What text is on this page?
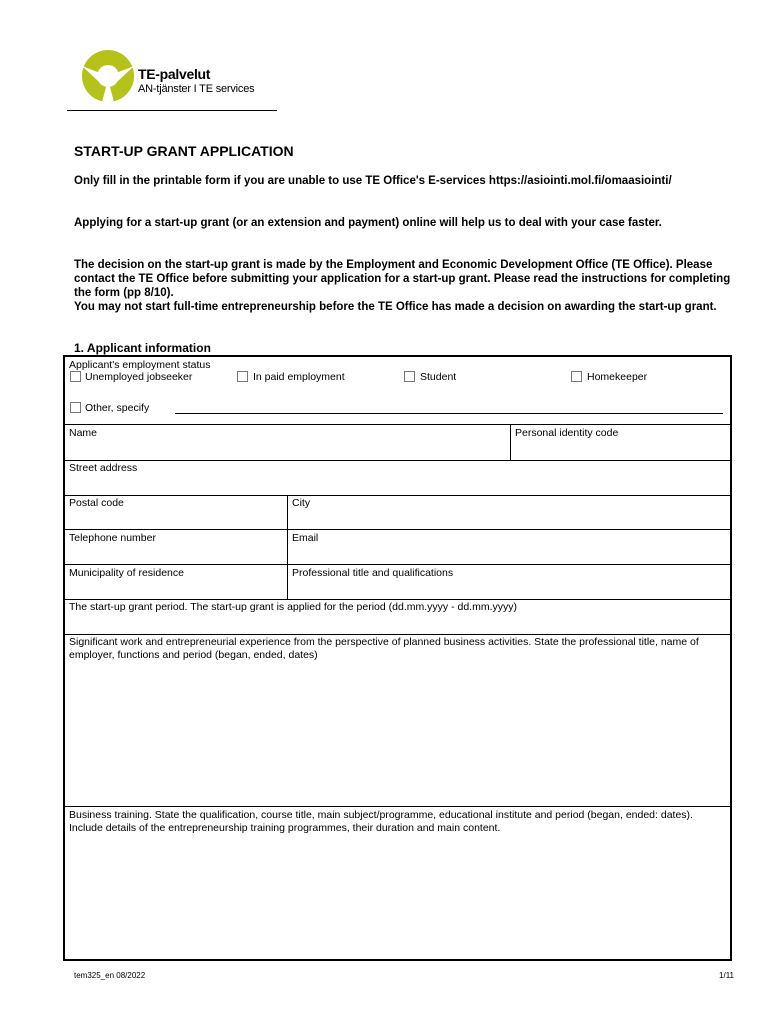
TE-palvelut
AN-tjänster I TE services
START-UP GRANT APPLICATION
Only fill in the printable form if you are unable to use TE Office's E-services https://asiointi.mol.fi/omaasiointi/
Applying for a start-up grant (or an extension and payment) online will help us to deal with your case faster.
The decision on the start-up grant is made by the Employment and Economic Development Office (TE Office). Please contact the TE Office before submitting your application for a start-up grant. Please read the instructions for completing the form (pp 8/10).
You may not start full-time entrepreneurship before the TE Office has made a decision on awarding the start-up grant.
1. Applicant information
Applicant's employment status
Unemployed jobseeker	In paid employment	Student	Homekeeper
Other, specify
Name	Personal identity code
Street address
Postal code	City
Telephone number	Email
Municipality of residence	Professional title and qualifications
The start-up grant period. The start-up grant is applied for the period (dd.mm.yyyy - dd.mm.yyyy)
Significant work and entrepreneurial experience from the perspective of planned business activities. State the professional title, name of employer, functions and period (began, ended, dates)
Business training. State the qualification, course title, main subject/programme, educational institute and period (began, ended: dates). Include details of the entrepreneurship training programmes, their duration and main content.
tem325_en 08/2022	1/11
